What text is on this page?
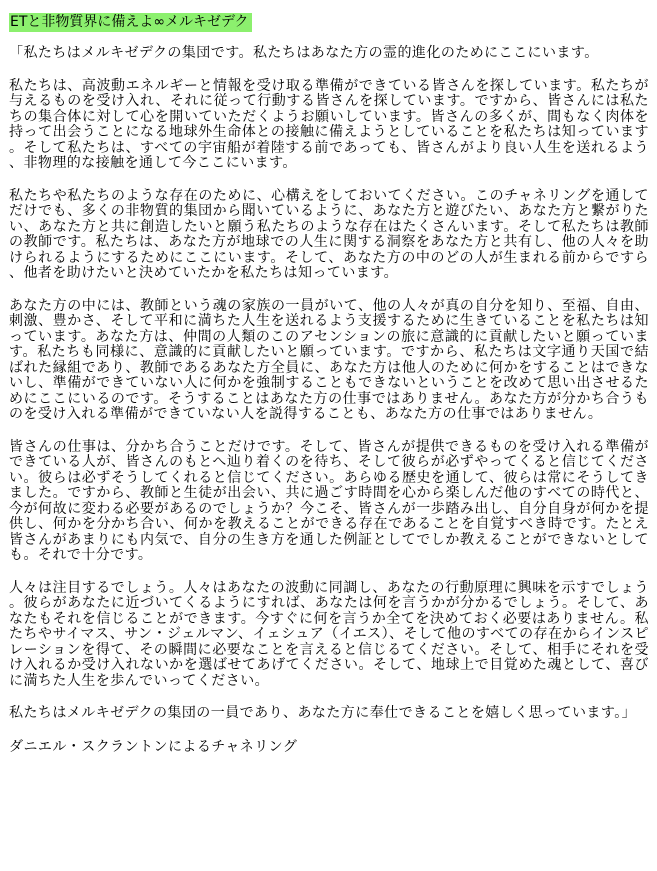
ETと非物質界に備えよ∞メルキゼデク

「私たちはメルキゼデクの集団です。私たちはあなた方の霊的進化のためにここにいます。

私たちは、高波動エネルギーと情報を受け取る準備ができている皆さんを探しています。私たちが与えるものを受け入れ、それに従って行動する皆さんを探しています。ですから、皆さんには私たちの集合体に対して心を開いていただくようお願いしています。皆さんの多くが、間もなく肉体を持って出会うことになる地球外生命体との接触に備えようとしていることを私たちは知っています。そして私たちは、すべての宇宙船が着陸する前であっても、皆さんがより良い人生を送れるよう、非物理的な接触を通して今ここにいます。

私たちや私たちのような存在のために、心構えをしておいてください。このチャネリングを通してだけでも、多くの非物質的集団から聞いているように、あなた方と遊びたい、あなた方と繋がりたい、あなた方と共に創造したいと願う私たちのような存在はたくさんいます。そして私たちは教師の教師です。私たちは、あなた方が地球での人生に関する洞察をあなた方と共有し、他の人々を助けられるようにするためにここにいます。そして、あなた方の中のどの人が生まれる前からですら、他者を助けたいと決めていたかを私たちは知っています。

あなた方の中には、教師という魂の家族の一員がいて、他の人々が真の自分を知り、至福、自由、刺激、豊かさ、そして平和に満ちた人生を送れるよう支援するために生きていることを私たちは知っています。あなた方は、仲間の人類のこのアセンションの旅に意識的に貢献したいと願っています。私たちも同様に、意識的に貢献したいと願っています。ですから、私たちは文字通り天国で結ばれた縁組であり、教師であるあなた方全員に、あなた方は他人のために何かをすることはできないし、準備ができていない人に何かを強制することもできないということを改めて思い出させるためにここにいるのです。そうすることはあなた方の仕事ではありません。あなた方が分かち合うものを受け入れる準備ができていない人を説得することも、あなた方の仕事ではありません。

皆さんの仕事は、分かち合うことだけです。そして、皆さんが提供できるものを受け入れる準備ができている人が、皆さんのもとへ辿り着くのを待ち、そして彼らが必ずやってくると信じてください。彼らは必ずそうしてくれると信じてください。あらゆる歴史を通して、彼らは常にそうしてきました。ですから、教師と生徒が出会い、共に過ごす時間を心から楽しんだ他のすべての時代と、今が何故に変わる必要があるのでしょうか？今こそ、皆さんが一歩踏み出し、自分自身が何かを提供し、何かを分かち合い、何かを教えることができる存在であることを自覚すべき時です。たとえ皆さんがあまりにも内気で、自分の生き方を通した例証としてでしか教えることができないとしても。それで十分です。

人々は注目するでしょう。人々はあなたの波動に同調し、あなたの行動原理に興味を示すでしょう。彼らがあなたに近づいてくるようにすれば、あなたは何を言うかが分かるでしょう。そして、あなたもそれを信じることができます。今すぐに何を言うか全てを決めておく必要はありません。私たちやサイマス、サン・ジェルマン、イェシュア（イエス）、そして他のすべての存在からインスピレーションを得て、その瞬間に必要なことを言えると信じるてください。そして、相手にそれを受け入れるか受け入れないかを選ばせてあげてください。そして、地球上で目覚めた魂として、喜びに満ちた人生を歩んでいってください。

私たちはメルキゼデクの集団の一員であり、あなた方に奉仕できることを嬉しく思っています。」

ダニエル・スクラントンによるチャネリング
